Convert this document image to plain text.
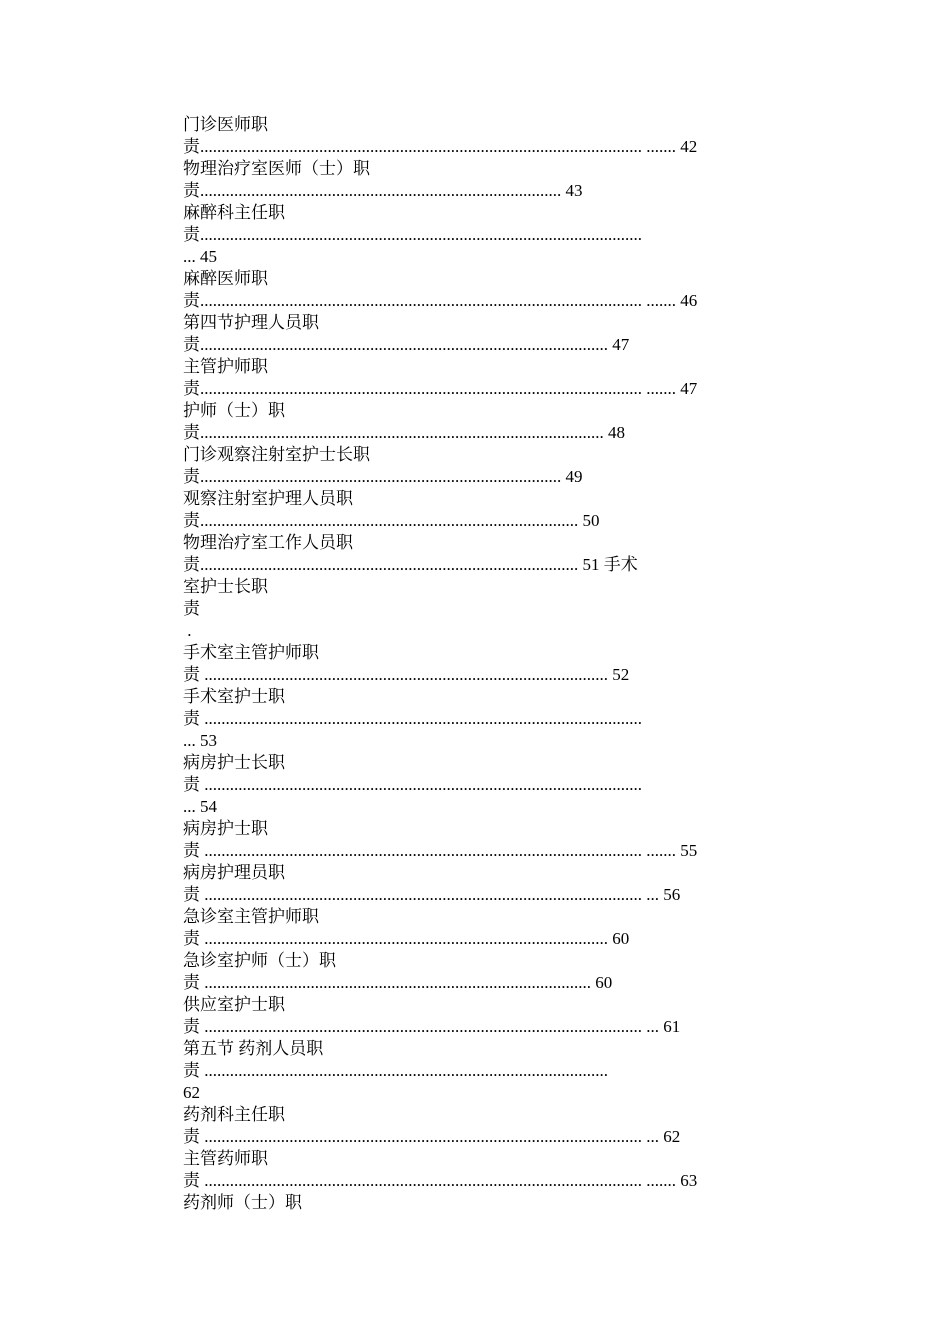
门诊医师职
责........................................................................................................ ....... 42
物理治疗室医师（士）职
责..................................................................................... 43
麻醉科主任职
责........................................................................................................
... 45
麻醉医师职
责........................................................................................................ ....... 46
第四节护理人员职
责................................................................................................ 47
主管护师职
责........................................................................................................ ....... 47
护师（士）职
责............................................................................................... 48
门诊观察注射室护士长职
责..................................................................................... 49
观察注射室护理人员职
责......................................................................................... 50
物理治疗室工作人员职
责......................................................................................... 51 手术
室护士长职
责
.
手术室主管护师职
责 ............................................................................................... 52
手术室护士职
责 .......................................................................................................
... 53
病房护士长职
责 .......................................................................................................
... 54
病房护士职
责 ....................................................................................................... ....... 55
病房护理员职
责 ....................................................................................................... ... 56
急诊室主管护师职
责 ............................................................................................... 60
急诊室护师（士）职
责 ........................................................................................... 60
供应室护士职
责 ....................................................................................................... ... 61
第五节 药剂人员职
责 ...............................................................................................
62
药剂科主任职
责 ....................................................................................................... ... 62
主管药师职
责 ....................................................................................................... ....... 63
药剂师（士）职
